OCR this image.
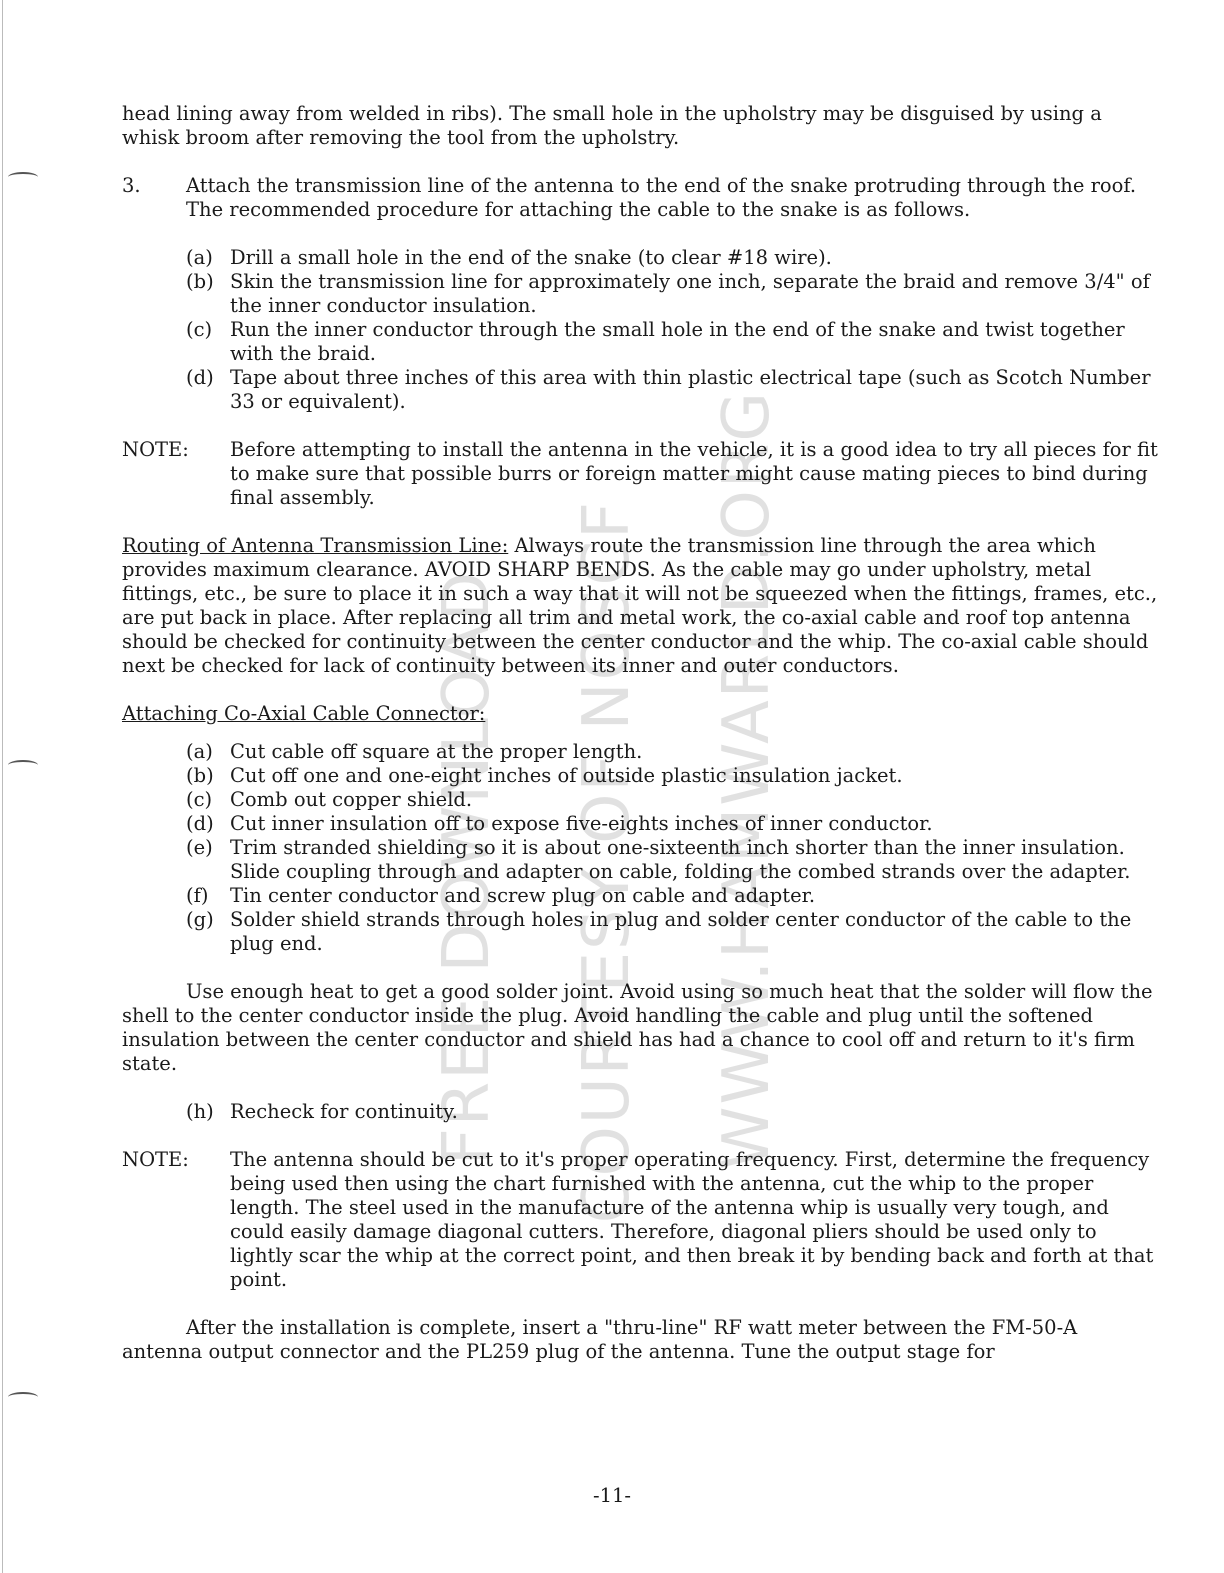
FREE DOWNLOAD COURTESY OF NOSCF WWW.HAMWARLD.ORG

head lining away from welded in ribs). The small hole in the upholstry may be disguised by using a whisk broom after removing the tool from the upholstry.

3. Attach the transmission line of the antenna to the end of the snake protruding through the roof. The recommended procedure for attaching the cable to the snake is as follows.

(a) Drill a small hole in the end of the snake (to clear #18 wire).
(b) Skin the transmission line for approximately one inch, separate the braid and remove 3/4" of the inner conductor insulation.
(c) Run the inner conductor through the small hole in the end of the snake and twist together with the braid.
(d) Tape about three inches of this area with thin plastic electrical tape (such as Scotch Number 33 or equivalent).

NOTE: Before attempting to install the antenna in the vehicle, it is a good idea to try all pieces for fit to make sure that possible burrs or foreign matter might cause mating pieces to bind during final assembly.

Routing of Antenna Transmission Line: Always route the transmission line through the area which provides maximum clearance. AVOID SHARP BENDS. As the cable may go under upholstry, metal fittings, etc., be sure to place it in such a way that it will not be squeezed when the fittings, frames, etc., are put back in place. After replacing all trim and metal work, the co-axial cable and roof top antenna should be checked for continuity between the center conductor and the whip. The co-axial cable should next be checked for lack of continuity between its inner and outer conductors.

Attaching Co-Axial Cable Connector:

(a) Cut cable off square at the proper length.
(b) Cut off one and one-eight inches of outside plastic insulation jacket.
(c) Comb out copper shield.
(d) Cut inner insulation off to expose five-eights inches of inner conductor.
(e) Trim stranded shielding so it is about one-sixteenth inch shorter than the inner insulation. Slide coupling through and adapter on cable, folding the combed strands over the adapter.
(f)	Tin center conductor and screw plug on cable and adapter.
(g) Solder shield strands through holes in plug and solder center conductor of the cable to the plug end.

Use enough heat to get a good solder joint. Avoid using so much heat that the solder will flow the shell to the center conductor inside the plug. Avoid handling the cable and plug until the softened insulation between the center conductor and shield has had a chance to cool off and return to it's firm state.

(h) Recheck for continuity.

NOTE: The antenna should be cut to it's proper operating frequency. First, determine the frequency being used then using the chart furnished with the antenna, cut the whip to the proper length. The steel used in the manufacture of the antenna whip is usually very tough, and could easily damage diagonal cutters. Therefore, diagonal pliers should be used only to lightly scar the whip at the correct point, and then break it by bending back and forth at that point.

After the installation is complete, insert a "thru-line" RF watt meter between the FM-50-A antenna output connector and the PL259 plug of the antenna. Tune the output stage for

-11-
